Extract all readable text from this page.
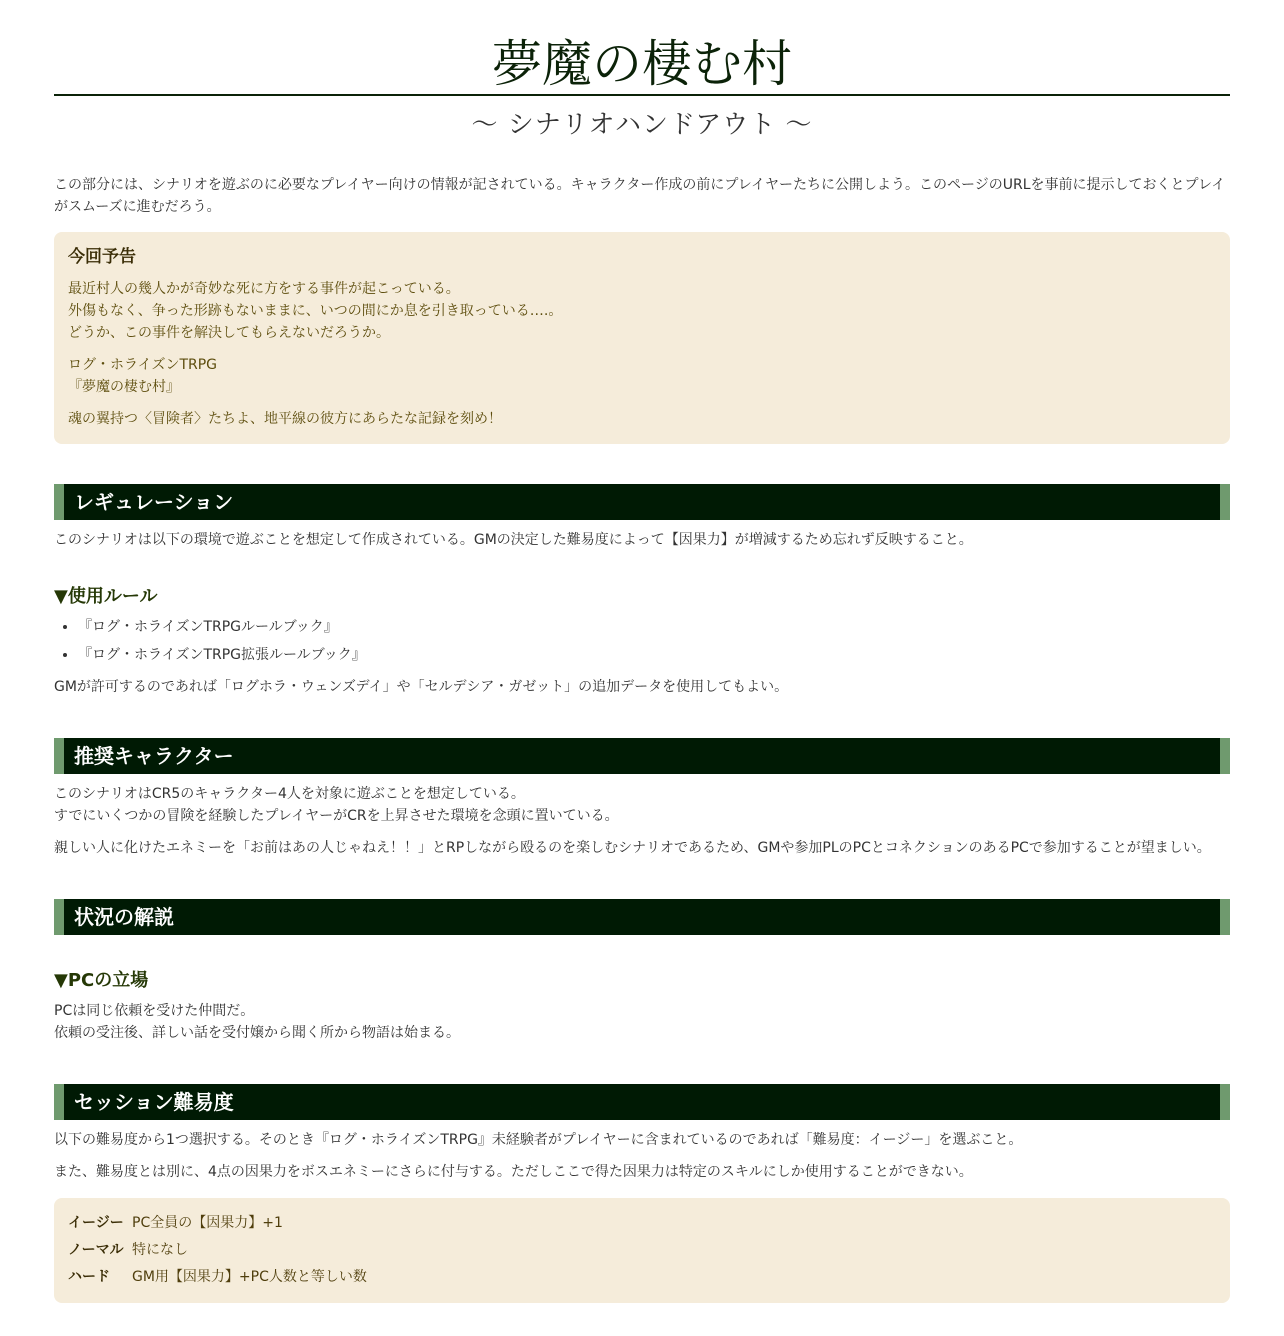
夢魔の棲む村
～ シナリオハンドアウト ～

この部分には、シナリオを遊ぶのに必要なプレイヤー向けの情報が記されている。キャラクター作成の前にプレイヤーたちに公開しよう。このページのURLを事前に提示しておくとプレイがスムーズに進むだろう。

今回予告

最近村人の幾人かが奇妙な死に方をする事件が起こっている。
外傷もなく、争った形跡もないままに、いつの間にか息を引き取っている‥‥。
どうか、この事件を解決してもらえないだろうか。

ログ・ホライズンTRPG
『夢魔の棲む村』

魂の翼持つ〈冒険者〉たちよ、地平線の彼方にあらたな記録を刻め！

レギュレーション

このシナリオは以下の環境で遊ぶことを想定して作成されている。GMの決定した難易度によって【因果力】が増減するため忘れず反映すること。

▼使用ルール
• 『ログ・ホライズンTRPGルールブック』
• 『ログ・ホライズンTRPG拡張ルールブック』

GMが許可するのであれば「ログホラ・ウェンズデイ」や「セルデシア・ガゼット」の追加データを使用してもよい。

推奨キャラクター

このシナリオはCR5のキャラクター4人を対象に遊ぶことを想定している。
すでにいくつかの冒険を経験したプレイヤーがCRを上昇させた環境を念頭に置いている。

親しい人に化けたエネミーを「お前はあの人じゃねえ！！」とRPしながら殴るのを楽しむシナリオであるため、GMや参加PLのPCとコネクションのあるPCで参加することが望ましい。

状況の解説
▼PCの立場

PCは同じ依頼を受けた仲間だ。
依頼の受注後、詳しい話を受付嬢から聞く所から物語は始まる。

セッション難易度

以下の難易度から1つ選択する。そのとき『ログ・ホライズンTRPG』未経験者がプレイヤーに含まれているのであれば「難易度：イージー」を選ぶこと。

また、難易度とは別に、4点の因果力をボスエネミーにさらに付与する。ただしここで得た因果力は特定のスキルにしか使用することができない。

イージー	PC全員の【因果力】+1
ノーマル	特になし
ハード	GM用【因果力】+PC人数と等しい数
